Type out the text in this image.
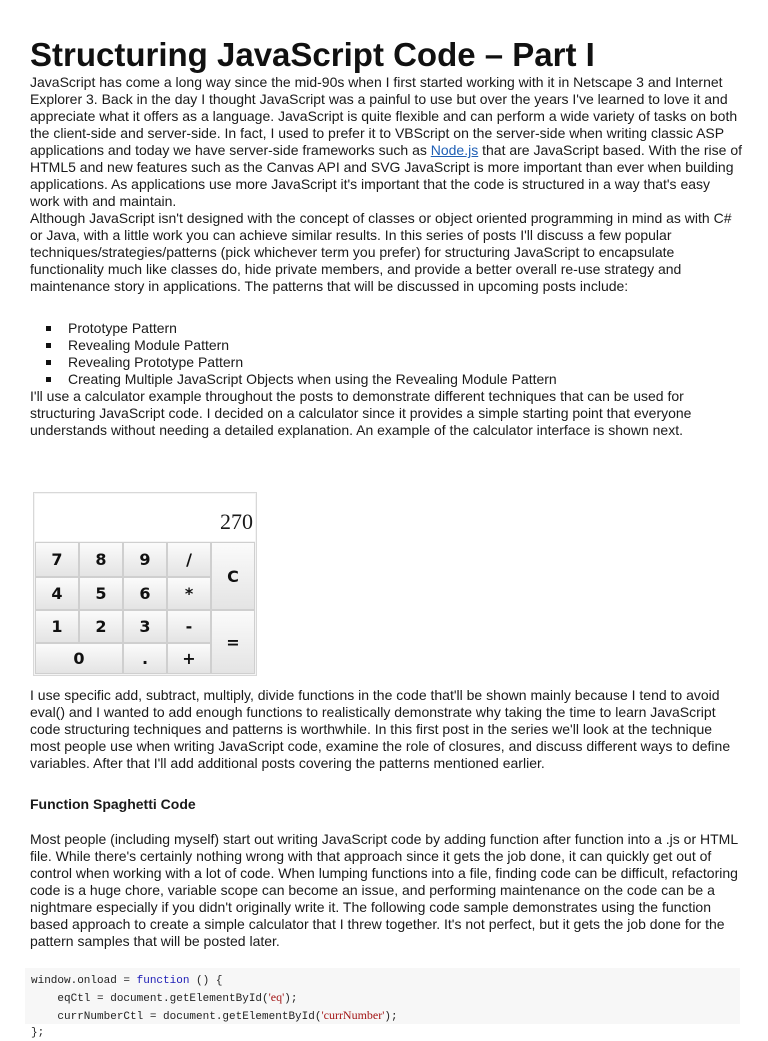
Structuring JavaScript Code – Part I

JavaScript has come a long way since the mid-90s when I first started working with it in Netscape 3 and Internet Explorer 3. Back in the day I thought JavaScript was a painful to use but over the years I've learned to love it and appreciate what it offers as a language. JavaScript is quite flexible and can perform a wide variety of tasks on both the client-side and server-side. In fact, I used to prefer it to VBScript on the server-side when writing classic ASP applications and today we have server-side frameworks such as Node.js that are JavaScript based. With the rise of HTML5 and new features such as the Canvas API and SVG JavaScript is more important than ever when building applications. As applications use more JavaScript it's important that the code is structured in a way that's easy work with and maintain.

Although JavaScript isn't designed with the concept of classes or object oriented programming in mind as with C# or Java, with a little work you can achieve similar results. In this series of posts I'll discuss a few popular techniques/strategies/patterns (pick whichever term you prefer) for structuring JavaScript to encapsulate functionality much like classes do, hide private members, and provide a better overall re-use strategy and maintenance story in applications. The patterns that will be discussed in upcoming posts include:

Prototype Pattern
Revealing Module Pattern
Revealing Prototype Pattern
Creating Multiple JavaScript Objects when using the Revealing Module Pattern

I'll use a calculator example throughout the posts to demonstrate different techniques that can be used for structuring JavaScript code. I decided on a calculator since it provides a simple starting point that everyone understands without needing a detailed explanation. An example of the calculator interface is shown next.

270
7	8	9	/
C
4	5	6	*
1	2	3	-
=
0	.	+

I use specific add, subtract, multiply, divide functions in the code that'll be shown mainly because I tend to avoid eval() and I wanted to add enough functions to realistically demonstrate why taking the time to learn JavaScript code structuring techniques and patterns is worthwhile. In this first post in the series we'll look at the technique most people use when writing JavaScript code, examine the role of closures, and discuss different ways to define variables. After that I'll add additional posts covering the patterns mentioned earlier.

Function Spaghetti Code

Most people (including myself) start out writing JavaScript code by adding function after function into a .js or HTML file. While there's certainly nothing wrong with that approach since it gets the job done, it can quickly get out of control when working with a lot of code. When lumping functions into a file, finding code can be difficult, refactoring code is a huge chore, variable scope can become an issue, and performing maintenance on the code can be a nightmare especially if you didn't originally write it. The following code sample demonstrates using the function based approach to create a simple calculator that I threw together. It's not perfect, but it gets the job done for the pattern samples that will be posted later.

window.onload = function () {
eqCtl = document.getElementById('eq');
currNumberCtl = document.getElementById('currNumber');
};
